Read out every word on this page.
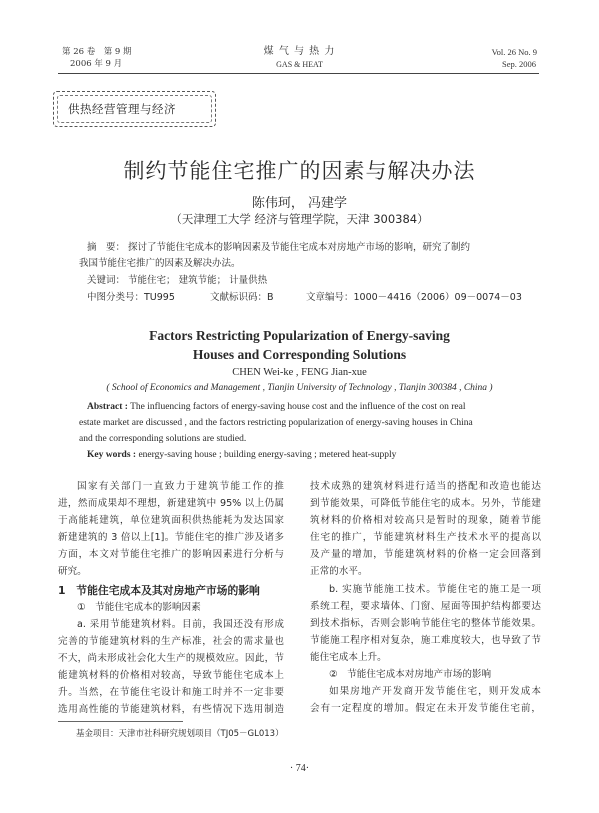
第 26 卷　第 9 期
2006 年 9 月
煤 气 与 热 力
GAS & HEAT
Vol. 26 No. 9
Sep. 2006
供热经营管理与经济
制约节能住宅推广的因素与解决办法
陈伟珂， 冯建学
（天津理工大学 经济与管理学院，天津 300384）
摘　要： 探讨了节能住宅成本的影响因素及节能住宅成本对房地产市场的影响，研究了制约
我国节能住宅推广的因素及解决办法。
关键词： 节能住宅； 建筑节能； 计量供热
中图分类号：TU995	文献标识码：B	文章编号：1000－4416（2006）09－0074－03
Factors Restricting Popularization of Energy-saving
Houses and Corresponding Solutions
CHEN Wei-ke , FENG Jian-xue
( School of Economics and Management , Tianjin University of Technology , Tianjin 300384 , China )
Abstract : The influencing factors of energy-saving house cost and the influence of the cost on real
estate market are discussed , and the factors restricting popularization of energy-saving houses in China
and the corresponding solutions are studied.
Key words : energy-saving house ; building energy-saving ; metered heat-supply

国家有关部门一直致力于建筑节能工作的推

进，然而成果却不理想，新建建筑中 95% 以上仍属

于高能耗建筑，单位建筑面积供热能耗为发达国家

新建建筑的 3 倍以上[1]。节能住宅的推广涉及诸多

方面，本文对节能住宅推广的影响因素进行分析与

研究。

1　节能住宅成本及其对房地产市场的影响
①　节能住宅成本的影响因素

a. 采用节能建筑材料。目前，我国还没有形成

完善的节能建筑材料的生产标准，社会的需求量也

不大，尚未形成社会化大生产的规模效应。因此，节

能建筑材料的价格相对较高，导致节能住宅成本上

升。当然，在节能住宅设计和施工时并不一定非要

选用高性能的节能建筑材料，有些情况下选用制造

技术成熟的建筑材料进行适当的搭配和改造也能达

到节能效果，可降低节能住宅的成本。另外，节能建

筑材料的价格相对较高只是暂时的现象，随着节能

住宅的推广，节能建筑材料生产技术水平的提高以

及产量的增加，节能建筑材料的价格一定会回落到

正常的水平。

b. 实施节能施工技术。节能住宅的施工是一项

系统工程，要求墙体、门窗、屋面等围护结构都要达

到技术指标，否则会影响节能住宅的整体节能效果。

节能施工程序相对复杂，施工难度较大，也导致了节

能住宅成本上升。

②　节能住宅成本对房地产市场的影响

如果房地产开发商开发节能住宅，则开发成本

会有一定程度的增加。假定在未开发节能住宅前，

基金项目：天津市社科研究规划项目（TJ05－GL013）
· 74·
